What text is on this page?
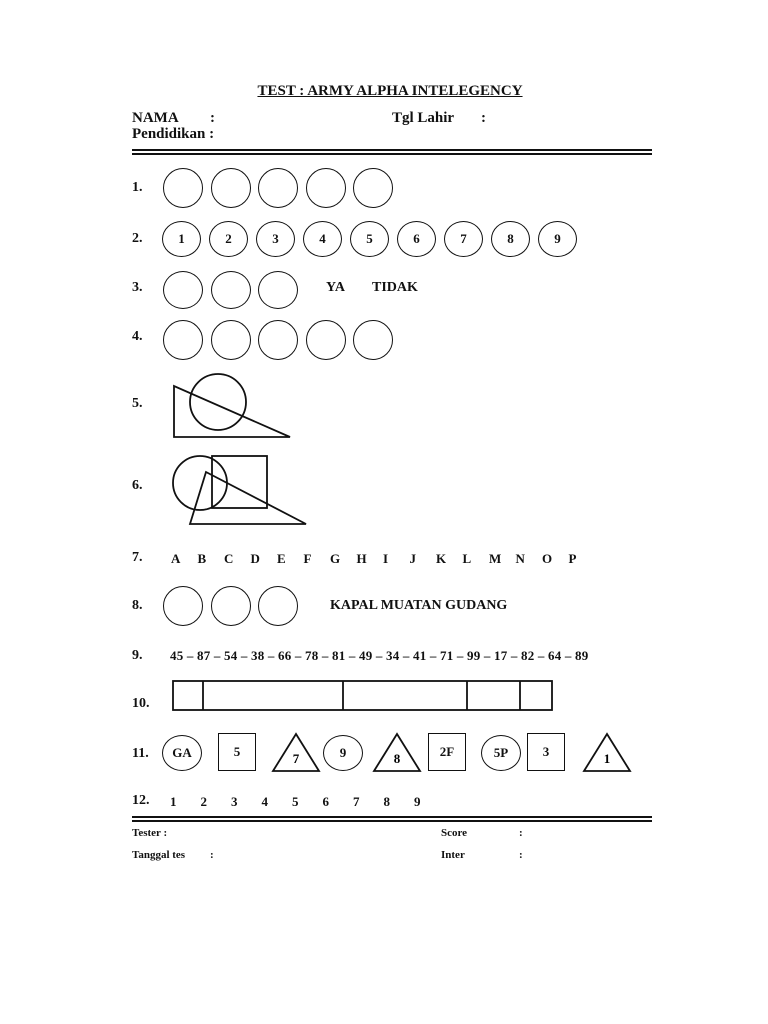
TEST : ARMY ALPHA INTELEGENCY
NAMA :	Tgl Lahir :
Pendidikan :
1.
2.
3.	YA TIDAK
4.
5.
6.
7. A B C D E F G H I J K L M N O P
8.	KAPAL MUATAN GUDANG
9. 45 – 87 – 54 – 38 – 66 – 78 – 81 – 49 – 34 – 41 – 71 – 99 – 17 – 82 – 64 – 89
10.
11.
12. 1 2 3 4 5 6 7 8 9
Tester :
Tanggal tes :
Score	:
Inter	:
1	2	3	4	5	6	7	8	9
GA	5	7	9	8	2F	5P	3	1
